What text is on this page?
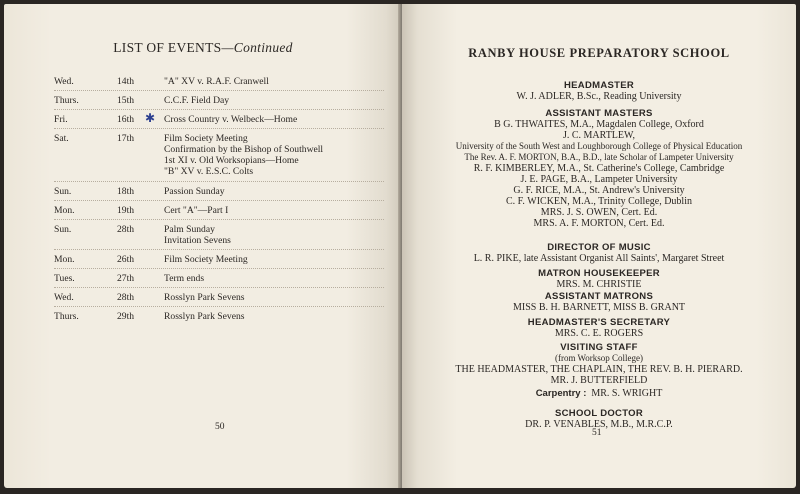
LIST OF EVENTS—Continued
Wed.	14th	"A" XV v. R.A.F. Cranwell
Thurs.	15th	C.C.F. Field Day
Fri.	16th ✱ Cross Country v. Welbeck—Home
Sat.	17th	Film Society Meeting
Confirmation by the Bishop of Southwell
1st XI v. Old Worksopians—Home
"B" XV v. E.S.C. Colts
Sun.	18th	Passion Sunday
Mon.	19th	Cert "A"—Part I
Sun.	28th	Palm Sunday
Invitation Sevens
Mon.	26th	Film Society Meeting
Tues.	27th	Term ends
Wed.	28th	Rosslyn Park Sevens
Thurs.	29th	Rosslyn Park Sevens
50
RANBY HOUSE PREPARATORY SCHOOL
HEADMASTER
W. J. ADLER, B.Sc., Reading University
ASSISTANT MASTERS
B G. THWAITES, M.A., Magdalen College, Oxford
J. C. MARTLEW,
University of the South West and Loughborough College of Physical Education
The Rev. A. F. MORTON, B.A., B.D., late Scholar of Lampeter University
R. F. KIMBERLEY, M.A., St. Catherine's College, Cambridge
J. E. PAGE, B.A., Lampeter University
G. F. RICE, M.A., St. Andrew's University
C. F. WICKEN, M.A., Trinity College, Dublin
MRS. J. S. OWEN, Cert. Ed.
MRS. A. F. MORTON, Cert. Ed.
DIRECTOR OF MUSIC
L. R. PIKE, late Assistant Organist All Saints', Margaret Street
MATRON HOUSEKEEPER
MRS. M. CHRISTIE
ASSISTANT MATRONS
MISS B. H. BARNETT, MISS B. GRANT
HEADMASTER'S SECRETARY
MRS. C. E. ROGERS
VISITING STAFF
(from Worksop College)
THE HEADMASTER, THE CHAPLAIN, THE REV. B. H. PIERARD.
MR. J. BUTTERFIELD
Carpentry : MR. S. WRIGHT
SCHOOL DOCTOR
DR. P. VENABLES, M.B., M.R.C.P.
51
